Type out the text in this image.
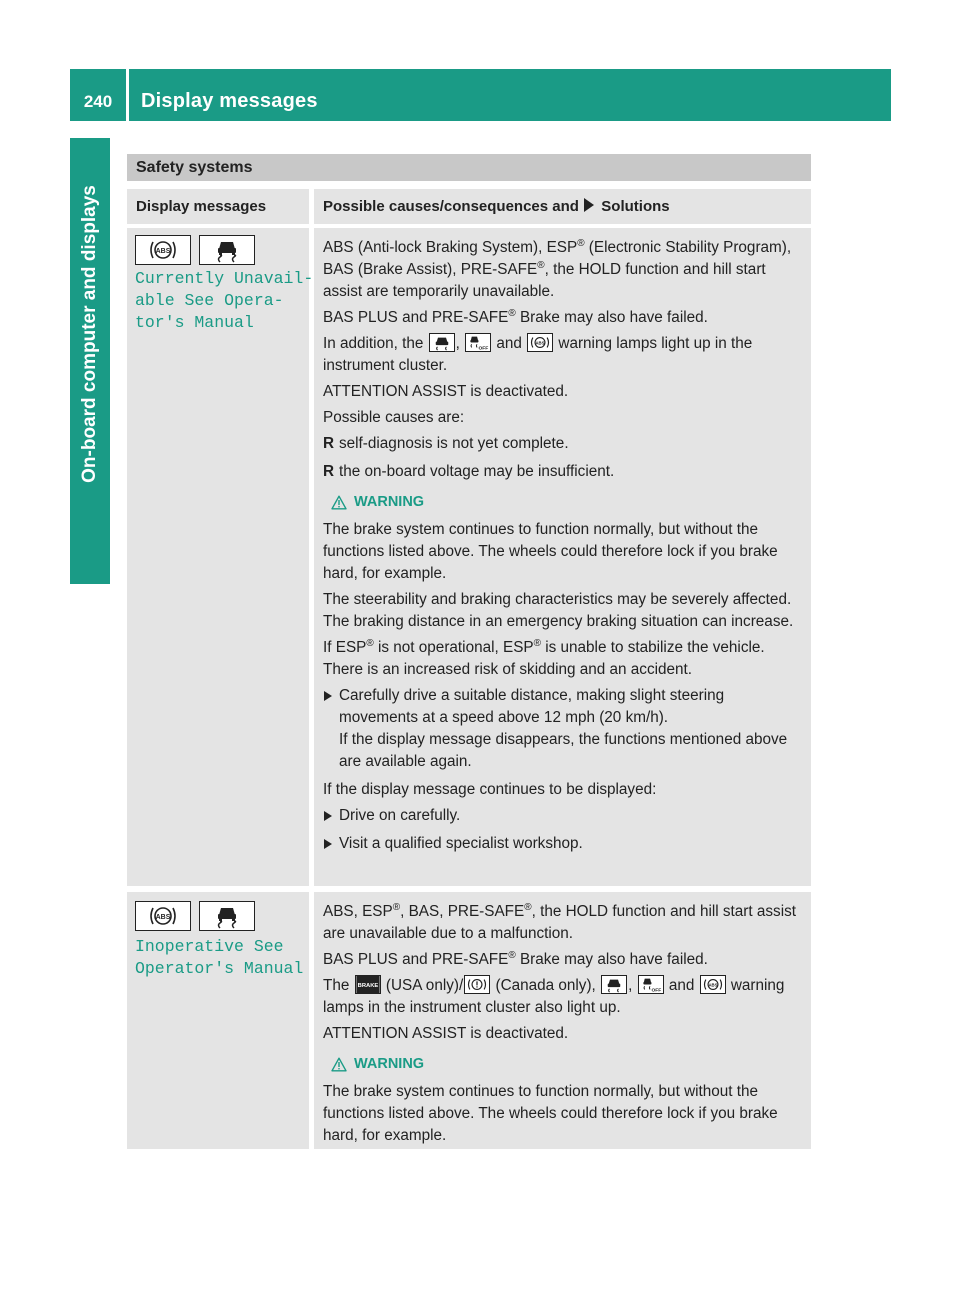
240	Display messages
On-board computer and displays
Safety systems
Display messages	Possible causes/consequences and Solutions
ABS
Currently Unavail-
able See Opera-
tor's Manual

ABS (Anti-lock Braking System), ESP® (Electronic Stability Program), BAS (Brake Assist), PRE-SAFE®, the HOLD function and hill start assist are temporarily unavailable.

BAS PLUS and PRE-SAFE® Brake may also have failed.

In addition, the ,	OFF and	ABS warning lamps light up in the instrument cluster.

ATTENTION ASSIST is deactivated.

Possible causes are:

R self-diagnosis is not yet complete.
R the on-board voltage may be insufficient.
WARNING

The brake system continues to function normally, but without the functions listed above. The wheels could therefore lock if you brake hard, for example.

The steerability and braking characteristics may be severely affected. The braking distance in an emergency braking situation can increase.

If ESP® is not operational, ESP® is unable to stabilize the vehicle. There is an increased risk of skidding and an accident.

Carefully drive a suitable distance, making slight steering movements at a speed above 12 mph (20 km/h).
If the display message disappears, the functions mentioned above are available again.

If the display message continues to be displayed:

Drive on carefully.
Visit a qualified specialist workshop.
ABS
Inoperative See
Operator's Manual

ABS, ESP®, BAS, PRE-SAFE®, the HOLD function and hill start assist are unavailable due to a malfunction.

BAS PLUS and PRE-SAFE® Brake may also have failed.

The BRAKE (USA only)/ (Canada only), ,	OFF and	ABS warning lamps in the instrument cluster also light up.

ATTENTION ASSIST is deactivated.

WARNING

The brake system continues to function normally, but without the functions listed above. The wheels could therefore lock if you brake hard, for example.
